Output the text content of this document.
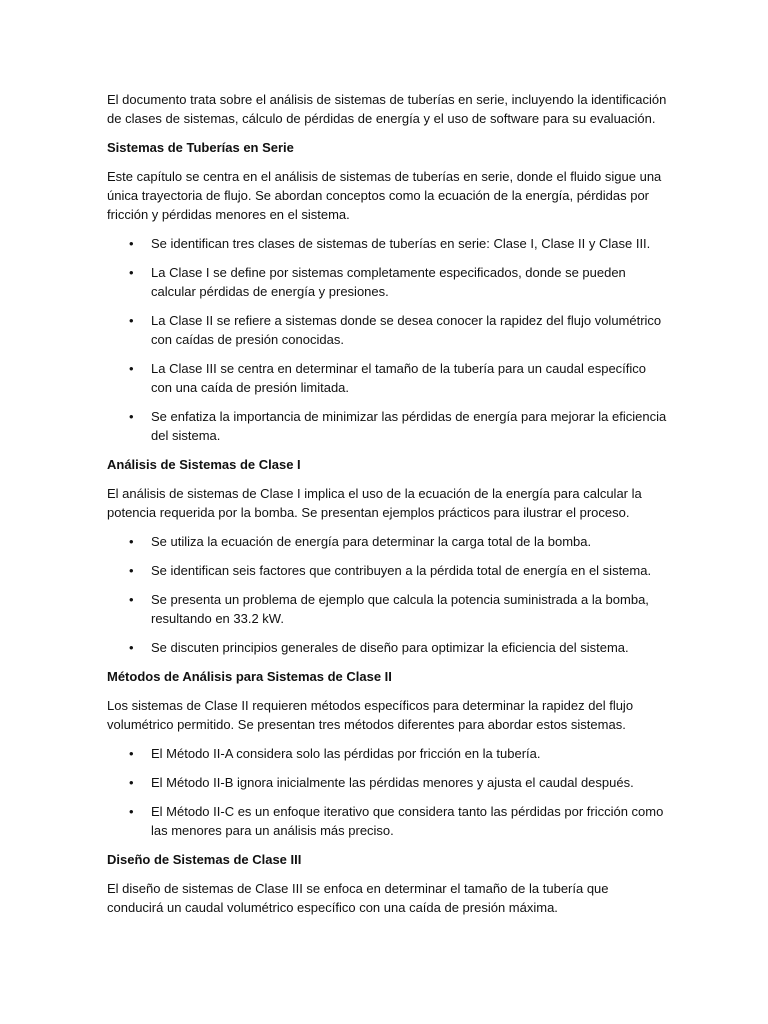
El documento trata sobre el análisis de sistemas de tuberías en serie, incluyendo la identificación de clases de sistemas, cálculo de pérdidas de energía y el uso de software para su evaluación.

Sistemas de Tuberías en Serie

Este capítulo se centra en el análisis de sistemas de tuberías en serie, donde el fluido sigue una única trayectoria de flujo. Se abordan conceptos como la ecuación de la energía, pérdidas por fricción y pérdidas menores en el sistema.

• Se identifican tres clases de sistemas de tuberías en serie: Clase I, Clase II y Clase III.
• La Clase I se define por sistemas completamente especificados, donde se pueden calcular pérdidas de energía y presiones.
• La Clase II se refiere a sistemas donde se desea conocer la rapidez del flujo volumétrico con caídas de presión conocidas.
• La Clase III se centra en determinar el tamaño de la tubería para un caudal específico con una caída de presión limitada.
• Se enfatiza la importancia de minimizar las pérdidas de energía para mejorar la eficiencia del sistema.
Análisis de Sistemas de Clase I

El análisis de sistemas de Clase I implica el uso de la ecuación de la energía para calcular la potencia requerida por la bomba. Se presentan ejemplos prácticos para ilustrar el proceso.

• Se utiliza la ecuación de energía para determinar la carga total de la bomba.
• Se identifican seis factores que contribuyen a la pérdida total de energía en el sistema.
• Se presenta un problema de ejemplo que calcula la potencia suministrada a la bomba, resultando en 33.2 kW.
• Se discuten principios generales de diseño para optimizar la eficiencia del sistema.
Métodos de Análisis para Sistemas de Clase II

Los sistemas de Clase II requieren métodos específicos para determinar la rapidez del flujo volumétrico permitido. Se presentan tres métodos diferentes para abordar estos sistemas.

• El Método II-A considera solo las pérdidas por fricción en la tubería.
• El Método II-B ignora inicialmente las pérdidas menores y ajusta el caudal después.
• El Método II-C es un enfoque iterativo que considera tanto las pérdidas por fricción como las menores para un análisis más preciso.
Diseño de Sistemas de Clase III

El diseño de sistemas de Clase III se enfoca en determinar el tamaño de la tubería que conducirá un caudal volumétrico específico con una caída de presión máxima.
